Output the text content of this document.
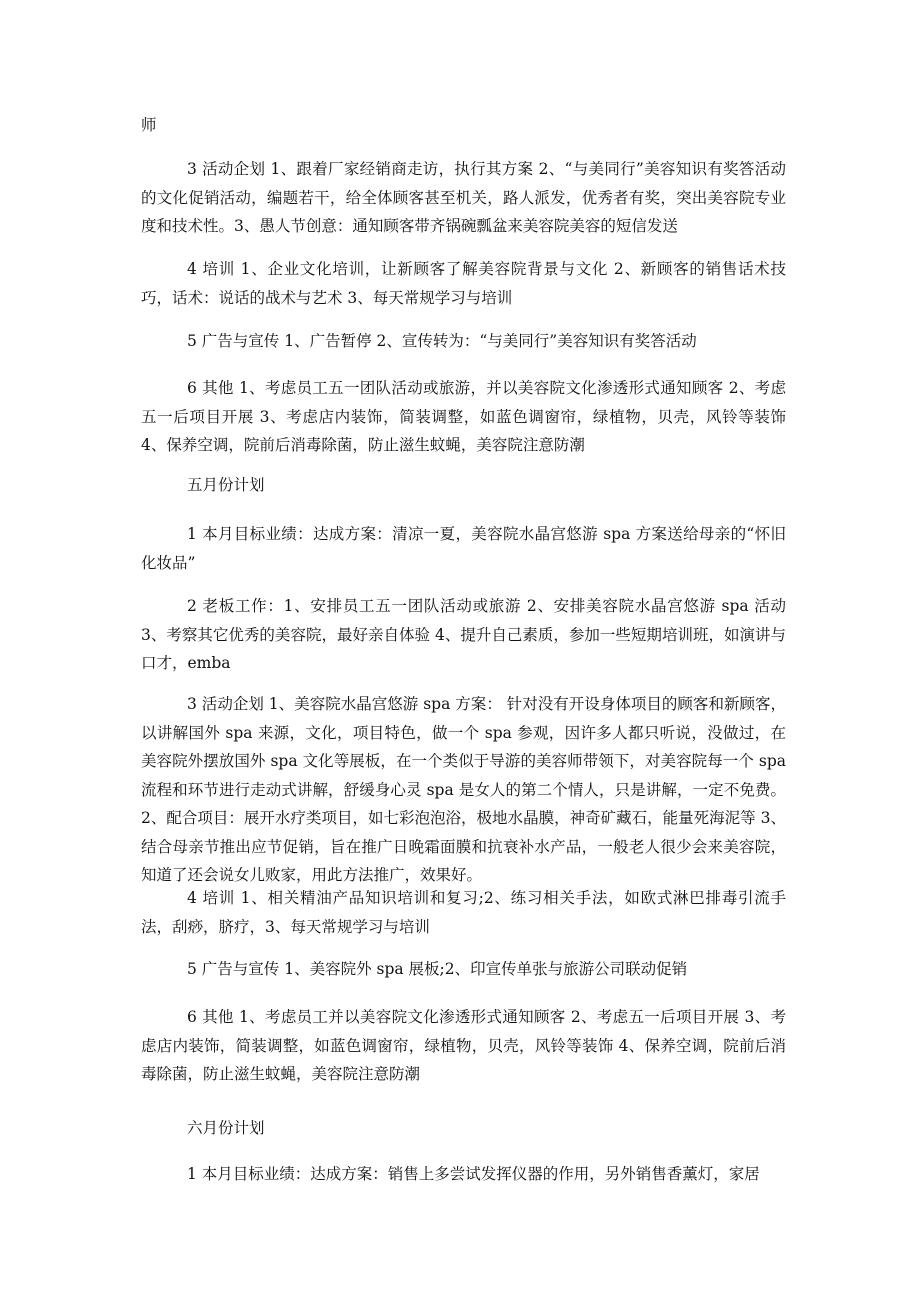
师

3 活动企划 1、跟着厂家经销商走访，执行其方案 2、“与美同行”美容知识有奖答活动的文化促销活动，编题若干，给全体顾客甚至机关，路人派发，优秀者有奖，突出美容院专业度和技术性。3、愚人节创意：通知顾客带齐锅碗瓢盆来美容院美容的短信发送

4 培训 1、企业文化培训，让新顾客了解美容院背景与文化 2、新顾客的销售话术技巧，话术：说话的战术与艺术 3、每天常规学习与培训

5 广告与宣传 1、广告暂停 2、宣传转为：“与美同行”美容知识有奖答活动

6 其他 1、考虑员工五一团队活动或旅游，并以美容院文化渗透形式通知顾客 2、考虑五一后项目开展 3、考虑店内装饰，简装调整，如蓝色调窗帘，绿植物，贝壳，风铃等装饰 4、保养空调，院前后消毒除菌，防止滋生蚊蝇，美容院注意防潮

五月份计划

1 本月目标业绩：达成方案：清凉一夏，美容院水晶宫悠游 spa 方案送给母亲的“怀旧化妆品”

2 老板工作：1、安排员工五一团队活动或旅游 2、安排美容院水晶宫悠游 spa 活动 3、考察其它优秀的美容院，最好亲自体验 4、提升自己素质，参加一些短期培训班，如演讲与口才，emba

3 活动企划 1、美容院水晶宫悠游 spa 方案： 针对没有开设身体项目的顾客和新顾客，以讲解国外 spa 来源，文化，项目特色，做一个 spa 参观，因许多人都只听说，没做过，在美容院外摆放国外 spa 文化等展板，在一个类似于导游的美容师带领下，对美容院每一个 spa 流程和环节进行走动式讲解，舒缓身心灵 spa 是女人的第二个情人，只是讲解，一定不免费。2、配合项目：展开水疗类项目，如七彩泡泡浴，极地水晶膜，神奇矿藏石，能量死海泥等 3、结合母亲节推出应节促销，旨在推广日晚霜面膜和抗衰补水产品，一般老人很少会来美容院，知道了还会说女儿败家，用此方法推广，效果好。

4 培训 1、相关精油产品知识培训和复习;2、练习相关手法，如欧式淋巴排毒引流手法，刮痧，脐疗，3、每天常规学习与培训

5 广告与宣传 1、美容院外 spa 展板;2、印宣传单张与旅游公司联动促销

6 其他 1、考虑员工并以美容院文化渗透形式通知顾客 2、考虑五一后项目开展 3、考虑店内装饰，简装调整，如蓝色调窗帘，绿植物，贝壳，风铃等装饰 4、保养空调，院前后消毒除菌，防止滋生蚊蝇，美容院注意防潮

六月份计划

1 本月目标业绩：达成方案：销售上多尝试发挥仪器的作用，另外销售香薰灯，家居
